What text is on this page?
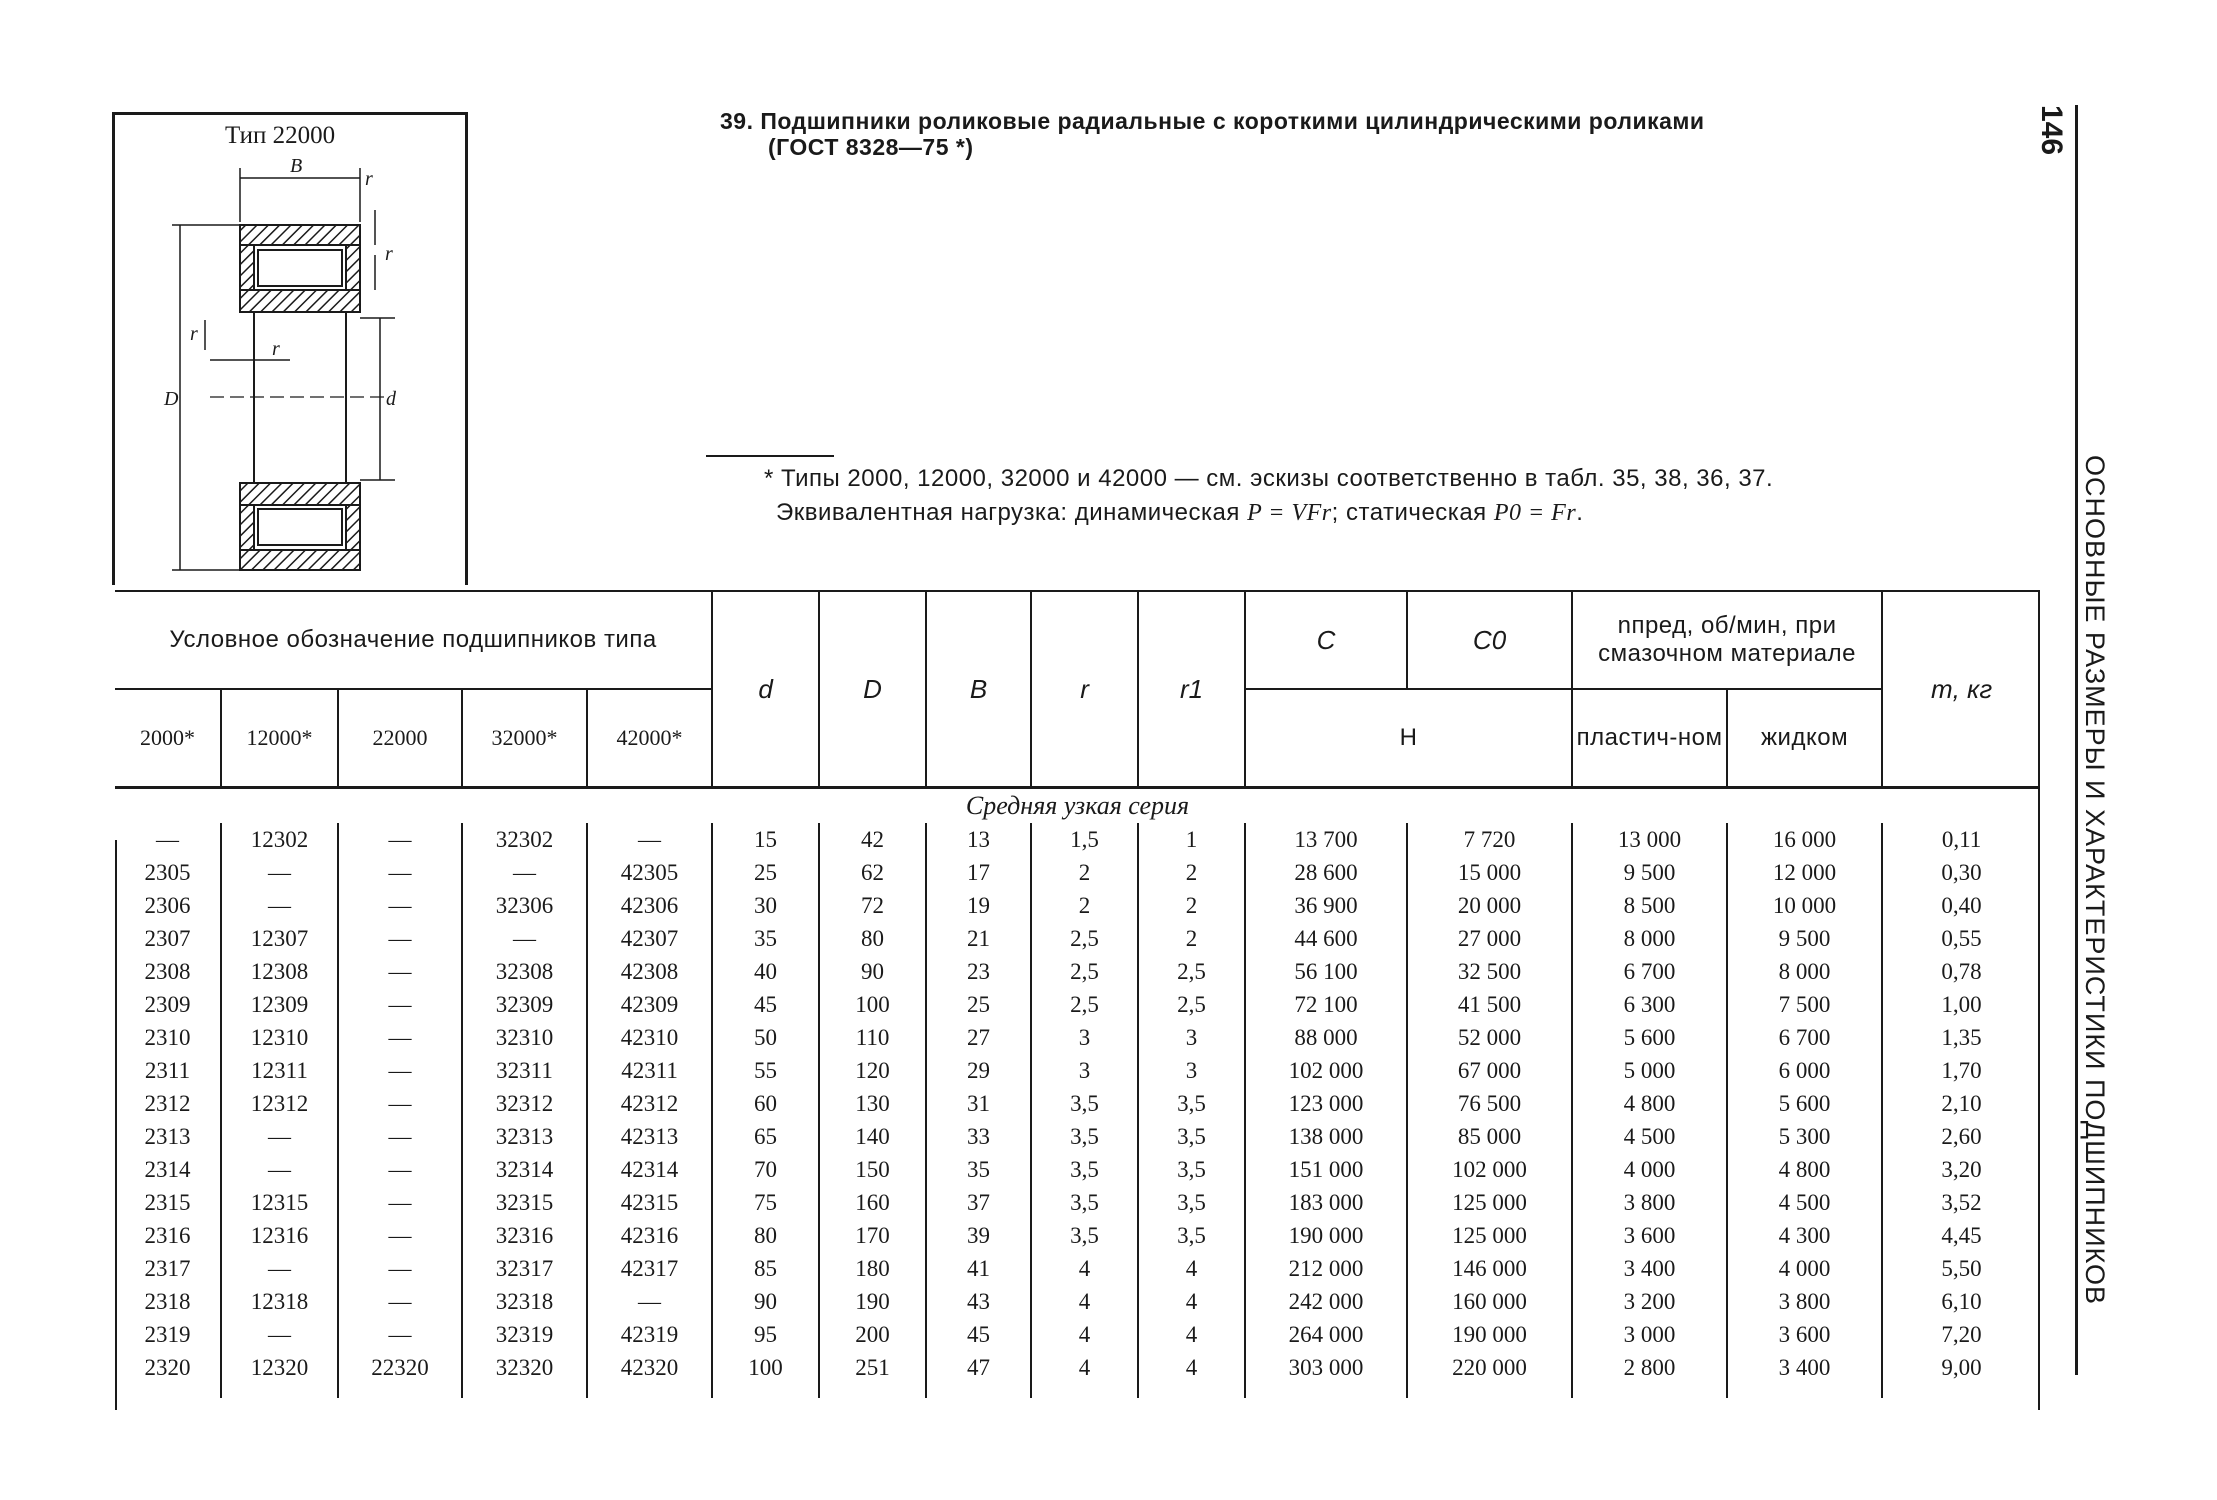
146
ОСНОВНЫЕ РАЗМЕРЫ И ХАРАКТЕРИСТИКИ ПОДШИПНИКОВ
Тип 22000
B
r
r
r
r
D	d
39. Подшипники роликовые радиальные с короткими цилиндрическими роликами
(ГОСТ 8328—75 *)
* Типы 2000, 12000, 32000 и 42000 — см. эскизы соответственно в табл. 35, 38, 36, 37.
Эквивалентная нагрузка: динамическая P = VFr; статическая P0 = Fr.
Условное обозначение подшипников типа					d	D	B	r	r1	C	C0	nпред, об/мин, при смазочном материале		m, кг
2000*	12000*	22000	32000*	42000*						Н		пластич-ном	жидком	
Средняя узкая серия														
—	12302	—	32302	—	15	42	13	1,5	1	13 700	7 720	13 000	16 000	0,11
2305	—	—	—	42305	25	62	17	2	2	28 600	15 000	9 500	12 000	0,30
2306	—	—	32306	42306	30	72	19	2	2	36 900	20 000	8 500	10 000	0,40
2307	12307	—	—	42307	35	80	21	2,5	2	44 600	27 000	8 000	9 500	0,55
2308	12308	—	32308	42308	40	90	23	2,5	2,5	56 100	32 500	6 700	8 000	0,78
2309	12309	—	32309	42309	45	100	25	2,5	2,5	72 100	41 500	6 300	7 500	1,00
2310	12310	—	32310	42310	50	110	27	3	3	88 000	52 000	5 600	6 700	1,35
2311	12311	—	32311	42311	55	120	29	3	3	102 000	67 000	5 000	6 000	1,70
2312	12312	—	32312	42312	60	130	31	3,5	3,5	123 000	76 500	4 800	5 600	2,10
2313	—	—	32313	42313	65	140	33	3,5	3,5	138 000	85 000	4 500	5 300	2,60
2314	—	—	32314	42314	70	150	35	3,5	3,5	151 000	102 000	4 000	4 800	3,20
2315	12315	—	32315	42315	75	160	37	3,5	3,5	183 000	125 000	3 800	4 500	3,52
2316	12316	—	32316	42316	80	170	39	3,5	3,5	190 000	125 000	3 600	4 300	4,45
2317	—	—	32317	42317	85	180	41	4	4	212 000	146 000	3 400	4 000	5,50
2318	12318	—	32318	—	90	190	43	4	4	242 000	160 000	3 200	3 800	6,10
2319	—	—	32319	42319	95	200	45	4	4	264 000	190 000	3 000	3 600	7,20
2320	12320	22320	32320	42320	100	251	47	4	4	303 000	220 000	2 800	3 400	9,00
